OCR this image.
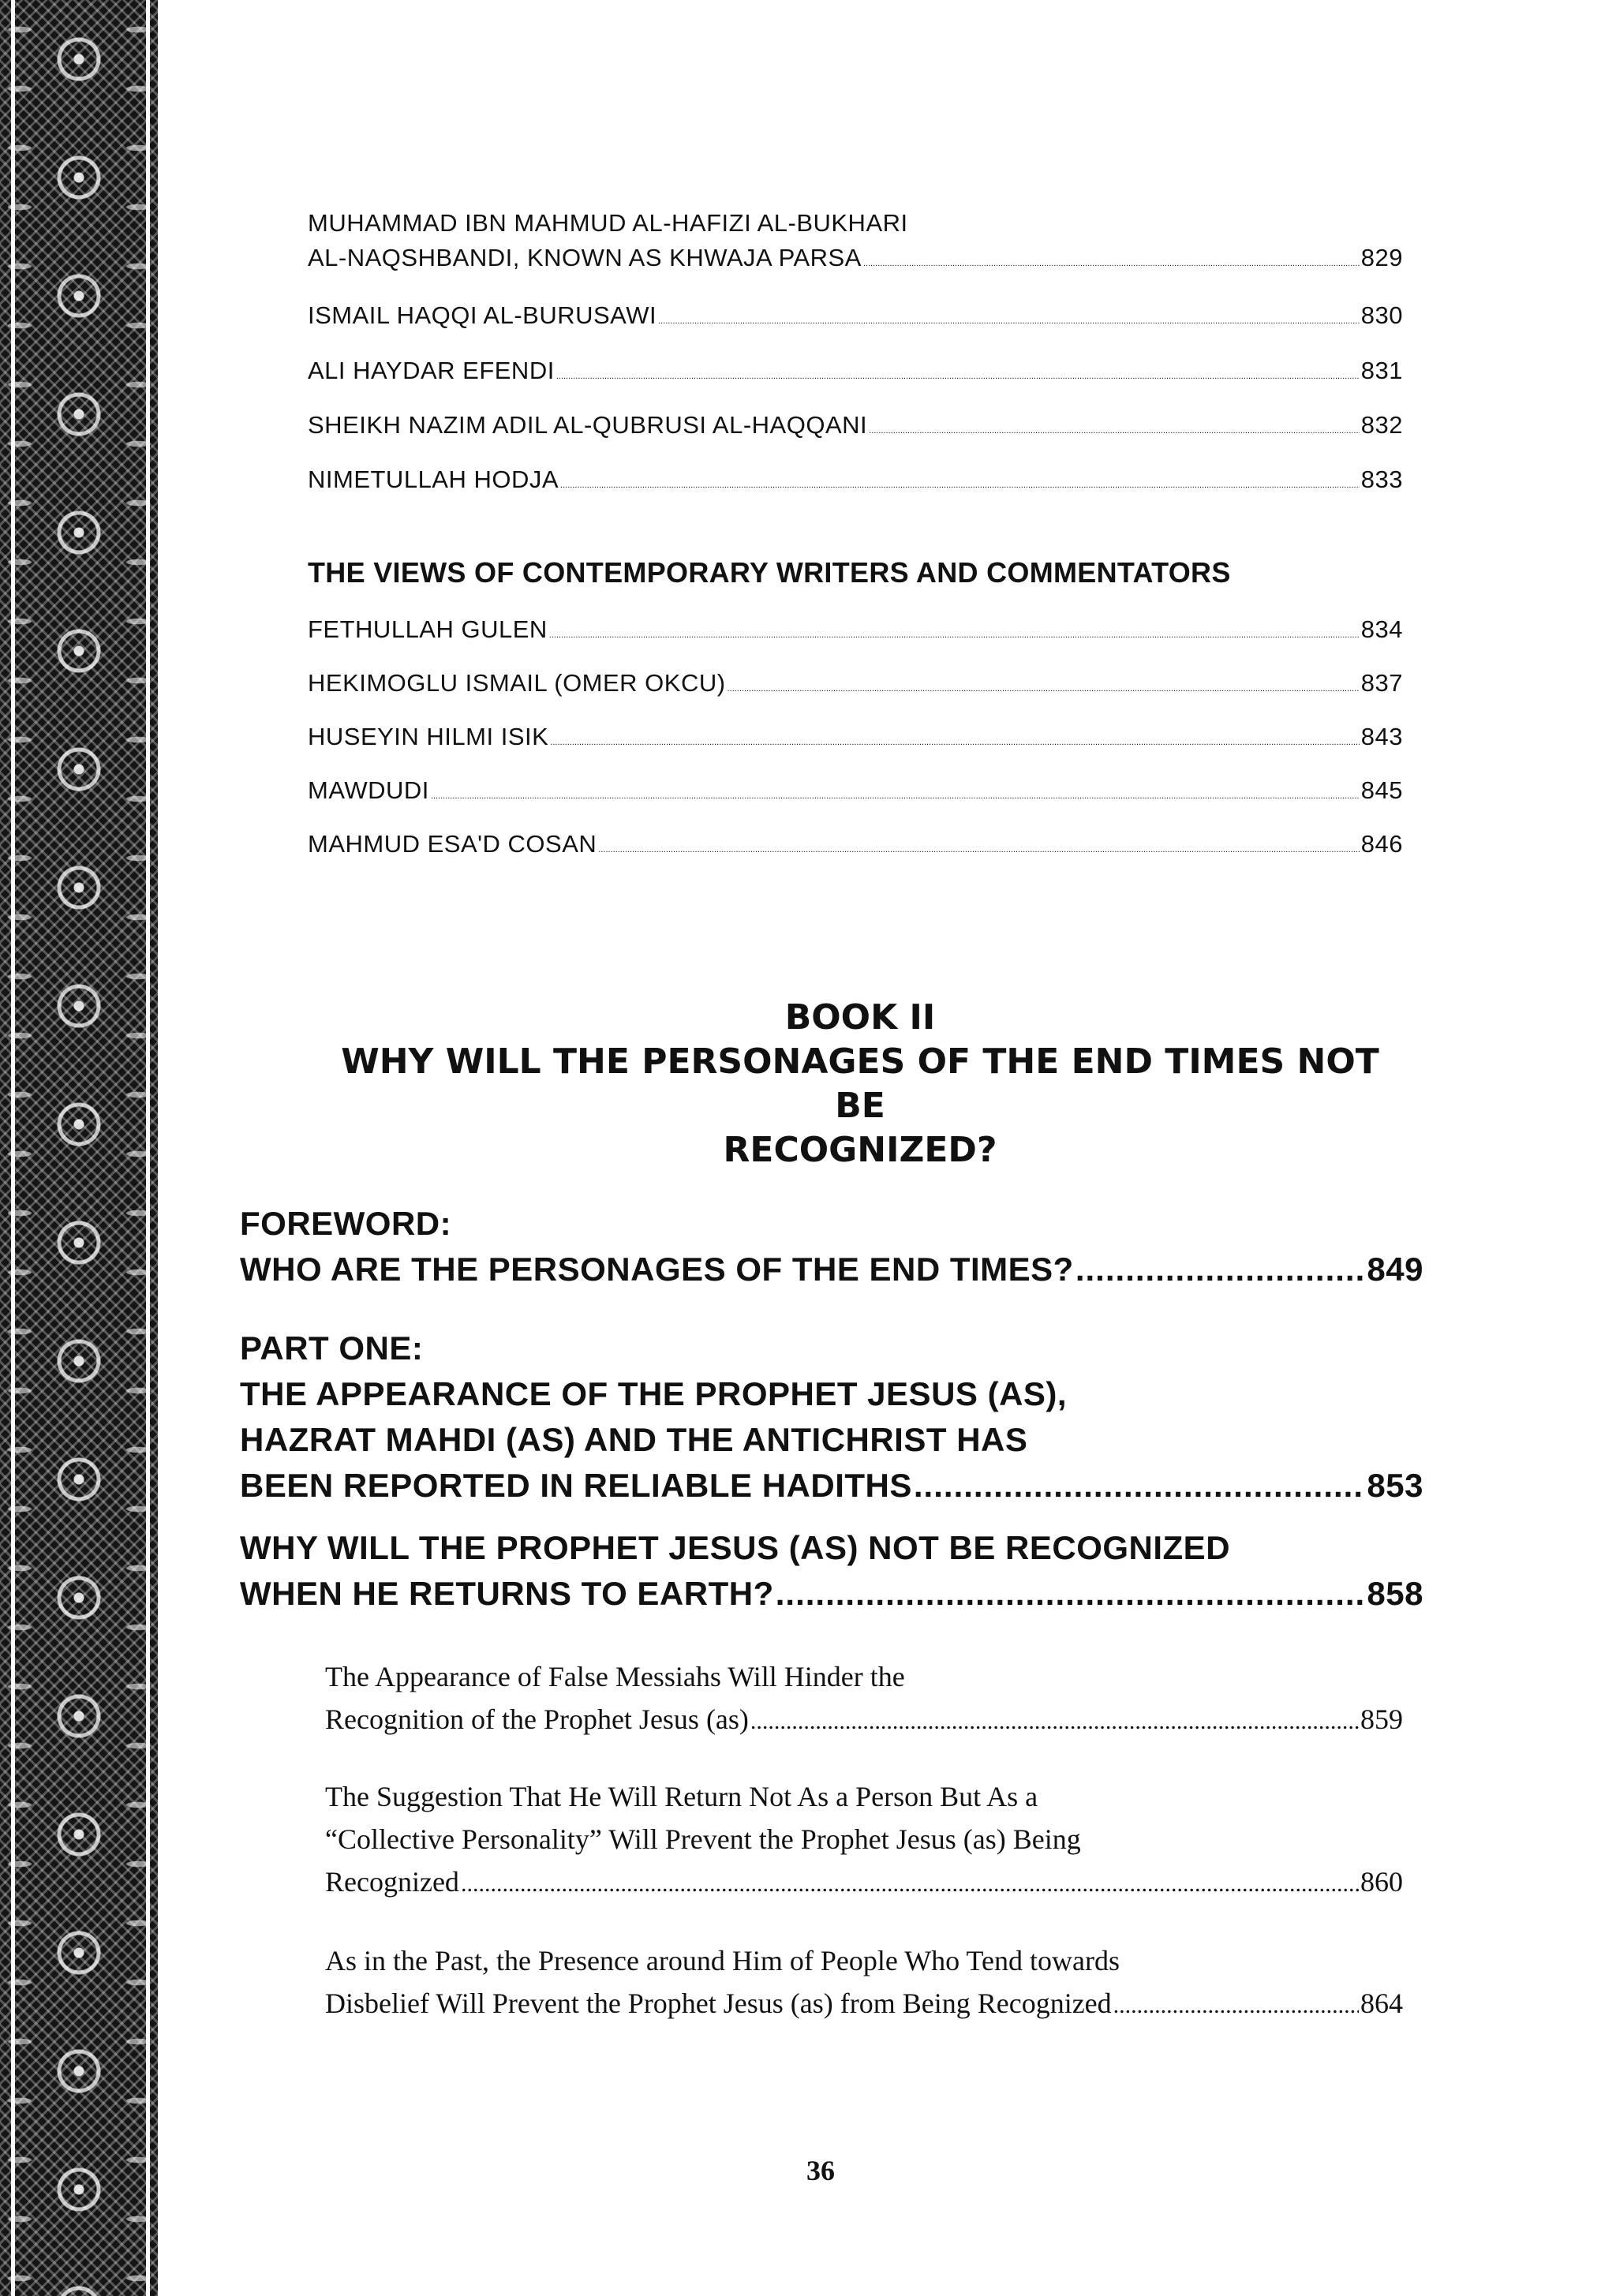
MUHAMMAD IBN MAHMUD AL-HAFIZI AL-BUKHARI
AL-NAQSHBANDI, KNOWN AS KHWAJA PARSA .....	829
ISMAIL HAQQI AL-BURUSAWI .....	830
ALI HAYDAR EFENDI .....	831
SHEIKH NAZIM ADIL AL-QUBRUSI AL-HAQQANI .....	832
NIMETULLAH HODJA .....	833
THE VIEWS OF CONTEMPORARY WRITERS AND COMMENTATORS
FETHULLAH GULEN .....	834
HEKIMOGLU ISMAIL (OMER OKCU) .....	837
HUSEYIN HILMI ISIK .....	843
MAWDUDI .....	845
MAHMUD ESA'D COSAN .....	846
BOOK II
WHY WILL THE PERSONAGES OF THE END TIMES NOT BE
RECOGNIZED?
FOREWORD:
WHO ARE THE PERSONAGES OF THE END TIMES? .....	849
PART ONE:
THE APPEARANCE OF THE PROPHET JESUS (AS),
HAZRAT MAHDI (AS) AND THE ANTICHRIST HAS
BEEN REPORTED IN RELIABLE HADITHS .....	853
WHY WILL THE PROPHET JESUS (AS) NOT BE RECOGNIZED
WHEN HE RETURNS TO EARTH? .....	858
The Appearance of False Messiahs Will Hinder the
Recognition of the Prophet Jesus (as) .....	859
The Suggestion That He Will Return Not As a Person But As a
“Collective Personality” Will Prevent the Prophet Jesus (as) Being
Recognized .....	860
As in the Past, the Presence around Him of People Who Tend towards
Disbelief Will Prevent the Prophet Jesus (as) from Being Recognized .....	864
36
